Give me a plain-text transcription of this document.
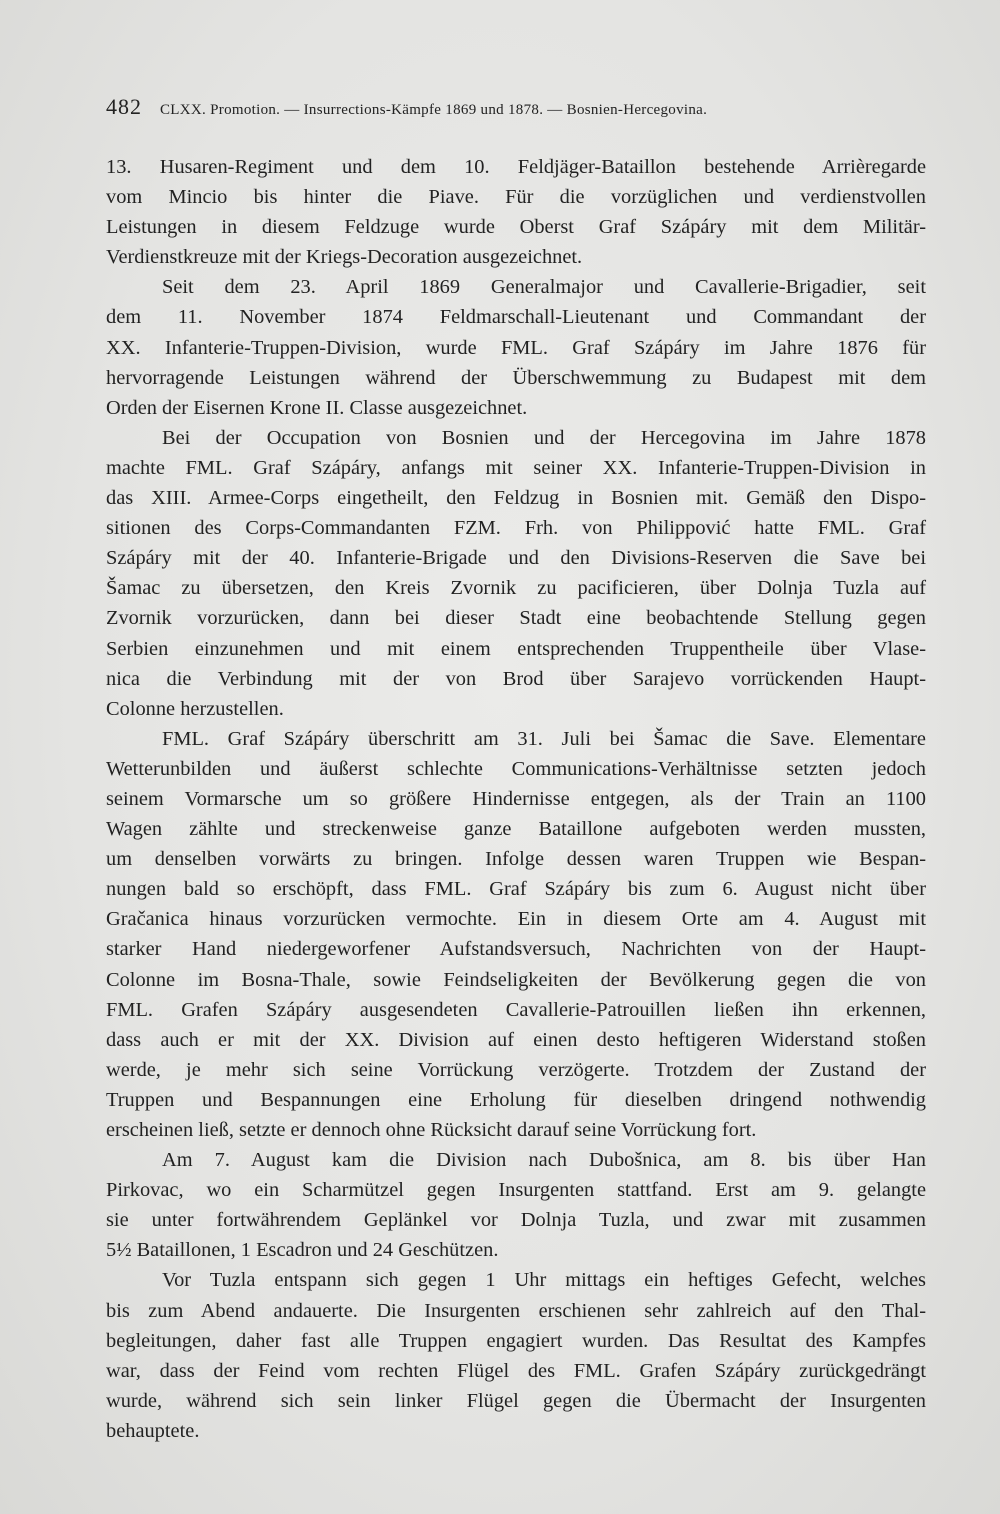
482 CLXX. Promotion. — Insurrections-Kämpfe 1869 und 1878. — Bosnien-Hercegovina.

13. Husaren-Regiment und dem 10. Feldjäger-Bataillon bestehende Arrièregarde

vom Mincio bis hinter die Piave. Für die vorzüglichen und verdienstvollen

Leistungen in diesem Feldzuge wurde Oberst Graf Szápáry mit dem Militär-

Verdienstkreuze mit der Kriegs-Decoration ausgezeichnet.

Seit dem 23. April 1869 Generalmajor und Cavallerie-Brigadier, seit

dem 11. November 1874 Feldmarschall-Lieutenant und Commandant der

XX. Infanterie-Truppen-Division, wurde FML. Graf Szápáry im Jahre 1876 für

hervorragende Leistungen während der Überschwemmung zu Budapest mit dem

Orden der Eisernen Krone II. Classe ausgezeichnet.

Bei der Occupation von Bosnien und der Hercegovina im Jahre 1878

machte FML. Graf Szápáry, anfangs mit seiner XX. Infanterie-Truppen-Division in

das XIII. Armee-Corps eingetheilt, den Feldzug in Bosnien mit. Gemäß den Dispo-

sitionen des Corps-Commandanten FZM. Frh. von Philippović hatte FML. Graf

Szápáry mit der 40. Infanterie-Brigade und den Divisions-Reserven die Save bei

Šamac zu übersetzen, den Kreis Zvornik zu pacificieren, über Dolnja Tuzla auf

Zvornik vorzurücken, dann bei dieser Stadt eine beobachtende Stellung gegen

Serbien einzunehmen und mit einem entsprechenden Truppentheile über Vlase-

nica die Verbindung mit der von Brod über Sarajevo vorrückenden Haupt-

Colonne herzustellen.

FML. Graf Szápáry überschritt am 31. Juli bei Šamac die Save. Elementare

Wetterunbilden und äußerst schlechte Communications-Verhältnisse setzten jedoch

seinem Vormarsche um so größere Hindernisse entgegen, als der Train an 1100

Wagen zählte und streckenweise ganze Bataillone aufgeboten werden mussten,

um denselben vorwärts zu bringen. Infolge dessen waren Truppen wie Bespan-

nungen bald so erschöpft, dass FML. Graf Szápáry bis zum 6. August nicht über

Gračanica hinaus vorzurücken vermochte. Ein in diesem Orte am 4. August mit

starker Hand niedergeworfener Aufstandsversuch, Nachrichten von der Haupt-

Colonne im Bosna-Thale, sowie Feindseligkeiten der Bevölkerung gegen die von

FML. Grafen Szápáry ausgesendeten Cavallerie-Patrouillen ließen ihn erkennen,

dass auch er mit der XX. Division auf einen desto heftigeren Widerstand stoßen

werde, je mehr sich seine Vorrückung verzögerte. Trotzdem der Zustand der

Truppen und Bespannungen eine Erholung für dieselben dringend nothwendig

erscheinen ließ, setzte er dennoch ohne Rücksicht darauf seine Vorrückung fort.

Am 7. August kam die Division nach Dubošnica, am 8. bis über Han

Pirkovac, wo ein Scharmützel gegen Insurgenten stattfand. Erst am 9. gelangte

sie unter fortwährendem Geplänkel vor Dolnja Tuzla, und zwar mit zusammen

5½ Bataillonen, 1 Escadron und 24 Geschützen.

Vor Tuzla entspann sich gegen 1 Uhr mittags ein heftiges Gefecht, welches

bis zum Abend andauerte. Die Insurgenten erschienen sehr zahlreich auf den Thal-

begleitungen, daher fast alle Truppen engagiert wurden. Das Resultat des Kampfes

war, dass der Feind vom rechten Flügel des FML. Grafen Szápáry zurückgedrängt

wurde, während sich sein linker Flügel gegen die Übermacht der Insurgenten

behauptete.
